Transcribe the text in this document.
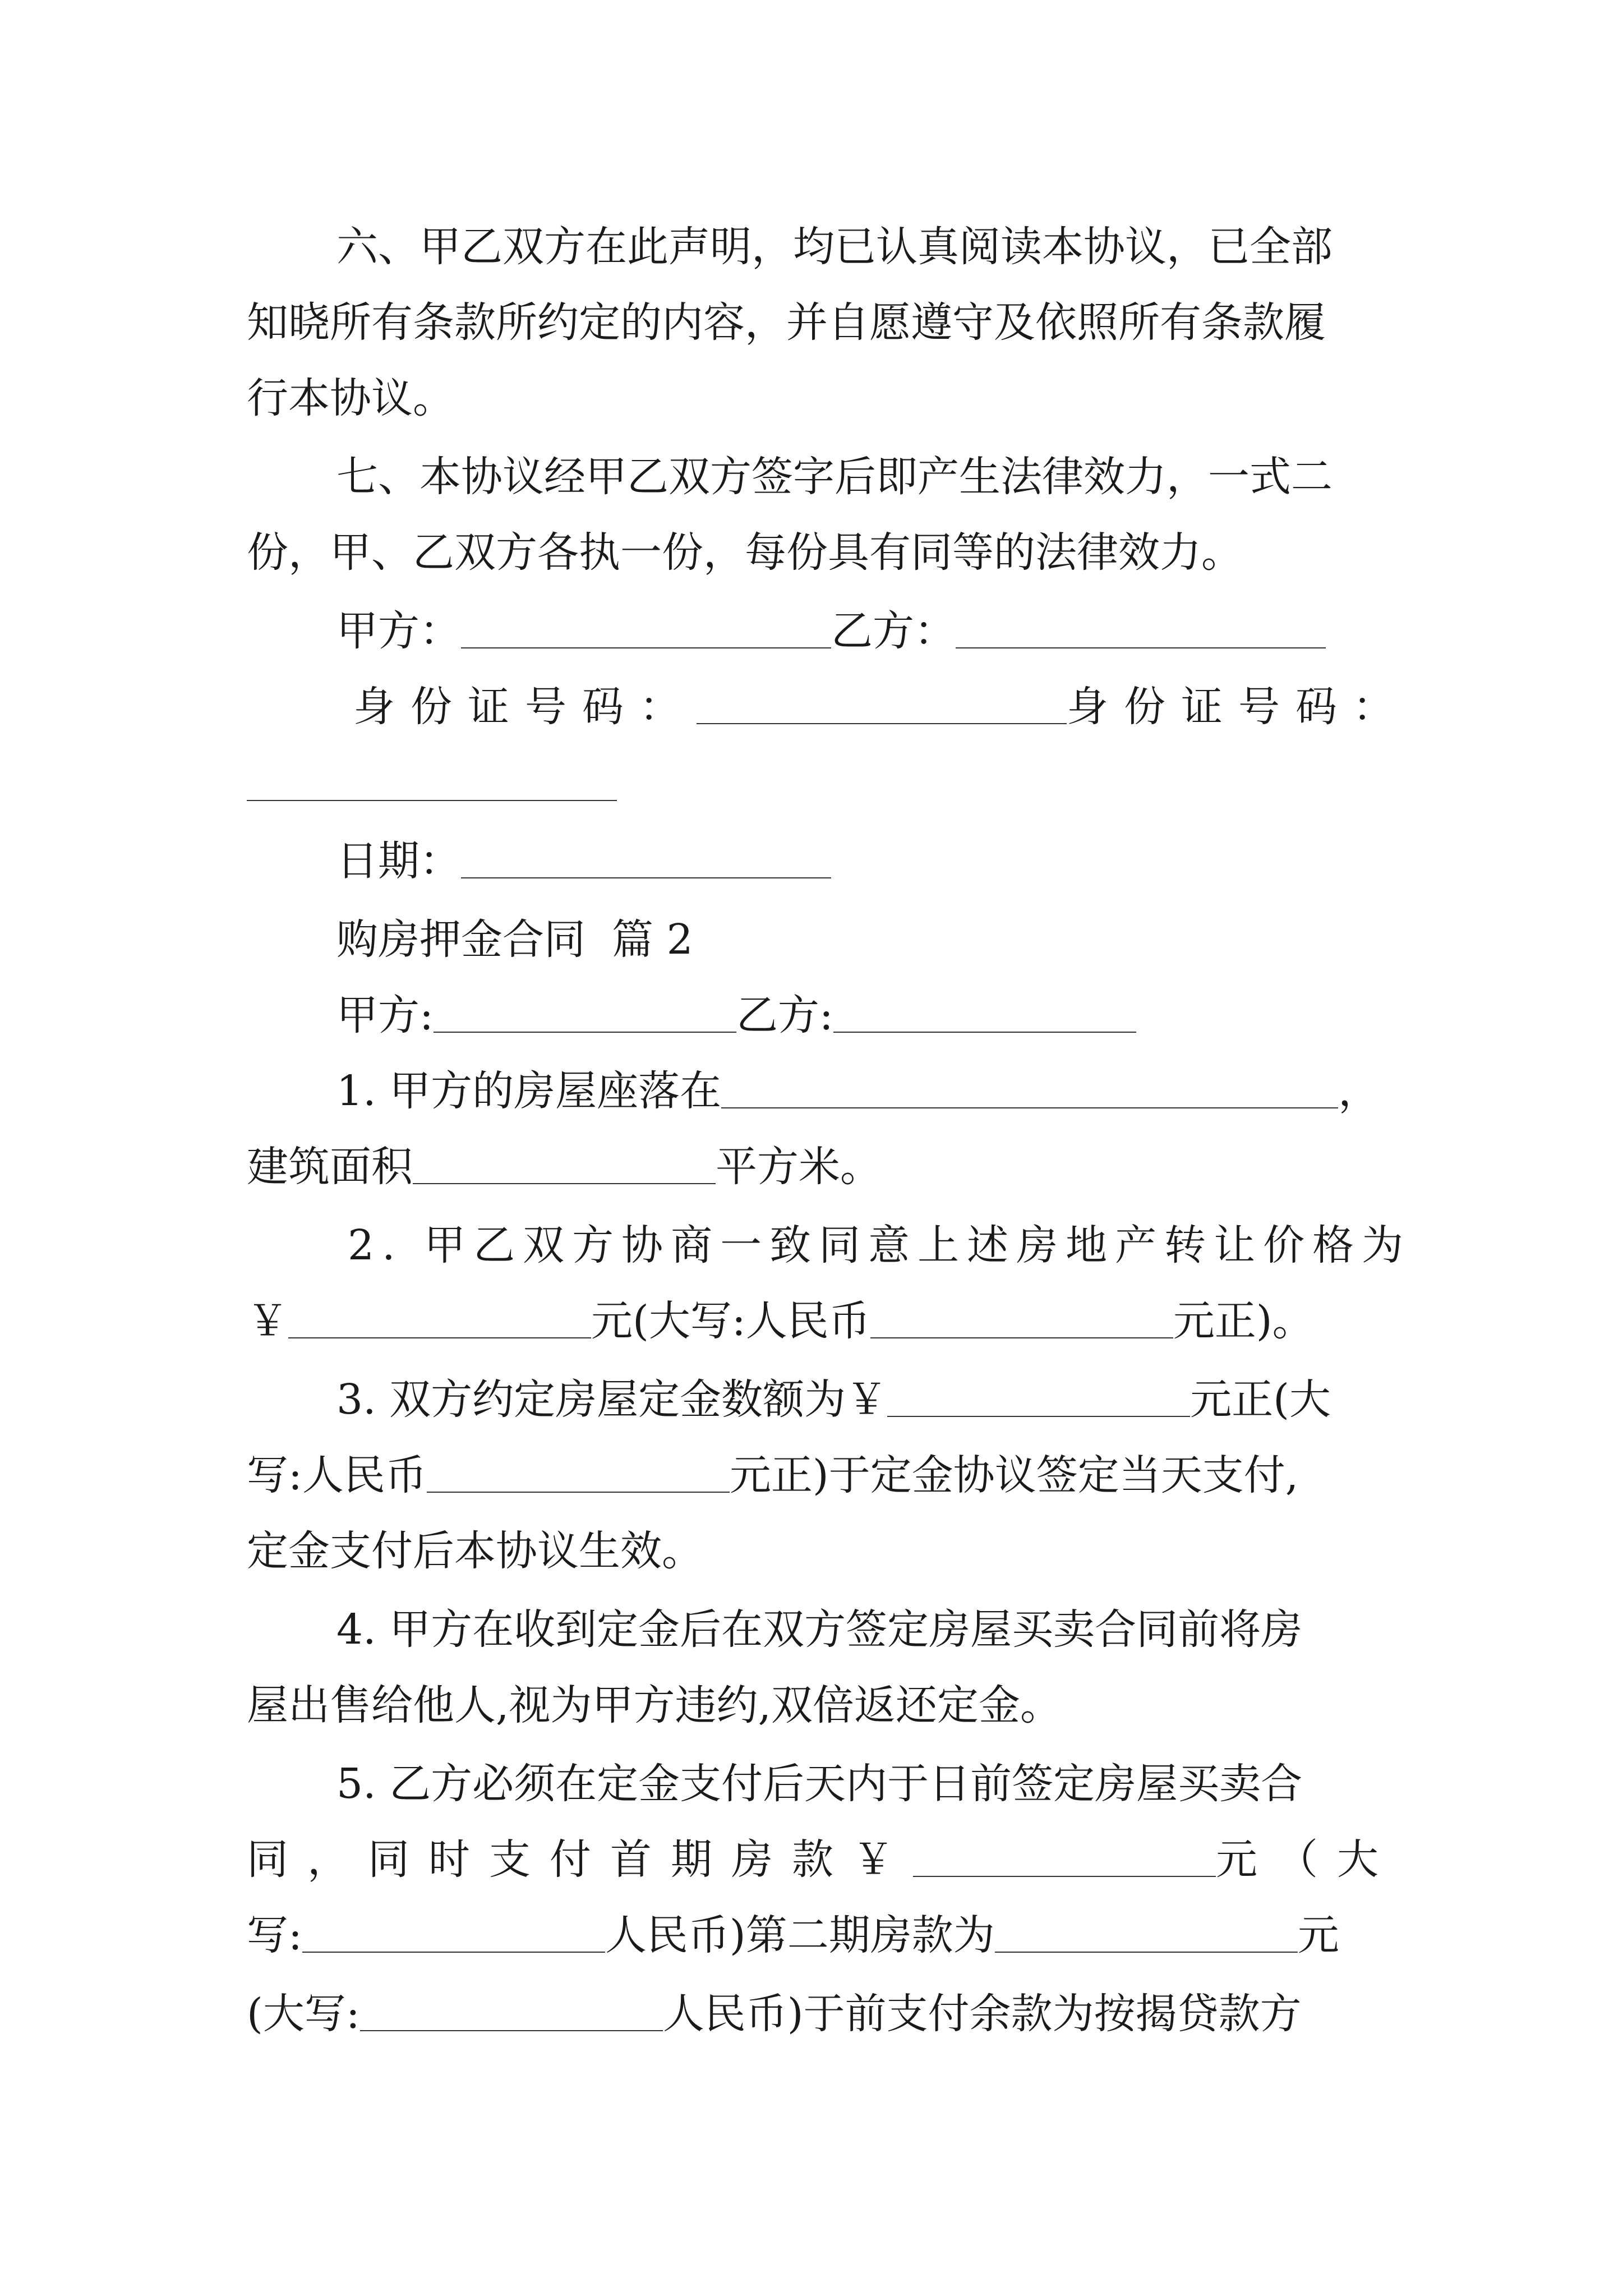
六、甲乙双方在此声明，均已认真阅读本协议，已全部
知晓所有条款所约定的内容，并自愿遵守及依照所有条款履
行本协议。
七、本协议经甲乙双方签字后即产生法律效力，一式二
份，甲、乙双方各执一份，每份具有同等的法律效力。
甲方：	乙方：
身份证号码：	身份证号码：
日期：
购房押金合同  篇 2
甲方:	乙方:
1. 甲方的房屋座落在	，
建筑面积	平方米。
2. 甲乙双方协商一致同意上述房地产转让价格为
￥	元(大写:人民币	元正)。
3. 双方约定房屋定金数额为￥	元正(大
写:人民币	元正)于定金协议签定当天支付,
定金支付后本协议生效。
4. 甲方在收到定金后在双方签定房屋买卖合同前将房
屋出售给他人,视为甲方违约,双倍返还定金。
5. 乙方必须在定金支付后天内于日前签定房屋买卖合
同，同时支付首期房款￥	元（大
写:	人民币)第二期房款为	元
(大写:	人民币)于前支付余款为按揭贷款方
